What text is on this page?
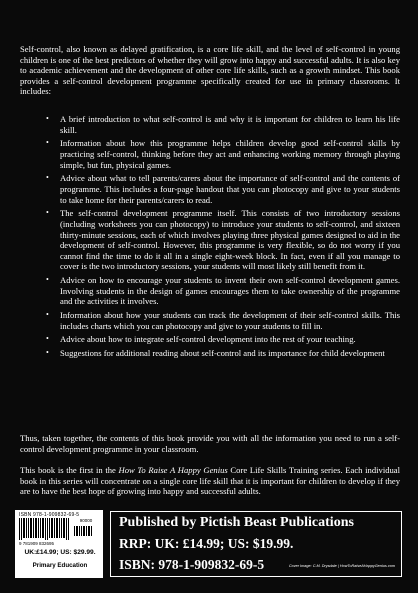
Self-control, also known as delayed gratification, is a core life skill, and the level of self-control in young children is one of the best predictors of whether they will grow into happy and successful adults. It is also key to academic achievement and the development of other core life skills, such as a growth mindset. This book provides a self-control development programme specifically created for use in primary classrooms. It includes:

•	A brief introduction to what self-control is and why it is important for children to learn his life skill.
•	Information about how this programme helps children develop good self-control skills by practicing self-control, thinking before they act and enhancing working memory through playing simple, but fun, physical games.
•	Advice about what to tell parents/carers about the importance of self-control and the contents of programme. This includes a four-page handout that you can photocopy and give to your students to take home for their parents/carers to read.
•	The self-control development programme itself. This consists of two introductory sessions (including worksheets you can photocopy) to introduce your students to self-control, and sixteen thirty-minute sessions, each of which involves playing three physical games designed to aid in the development of self-control. However, this programme is very flexible, so do not worry if you cannot find the time to do it all in a single eight-week block. In fact, even if all you manage to cover is the two introductory sessions, your students will most likely still benefit from it.
•	Advice on how to encourage your students to invent their own self-control development games. Involving students in the design of games encourages them to take ownership of the programme and the activities it involves.
•	Information about how your students can track the development of their self-control skills. This includes charts which you can photocopy and give to your students to fill in.
•	Advice about how to integrate self-control development into the rest of your teaching.
•	Suggestions for additional reading about self-control and its importance for child development

Thus, taken together, the contents of this book provide you with all the information you need to run a self-control development programme in your classroom.

This book is the first in the How To Raise A Happy Genius Core Life Skills Training series. Each individual book in this series will concentrate on a single core life skill that it is important for children to develop if they are to have the best hope of growing into happy and successful adults.

ISBN 978-1-909832-69-5
90000
9 781909 832695
UK:£14.99; US: $29.99.
Primary Education
Published by Pictish Beast Publications
RRP: UK: £14.99; US: $19.99.
ISBN: 978-1-909832-69-5	Cover Image: C.M. Drysdale | HowToRaiseAHappyGenius.com
